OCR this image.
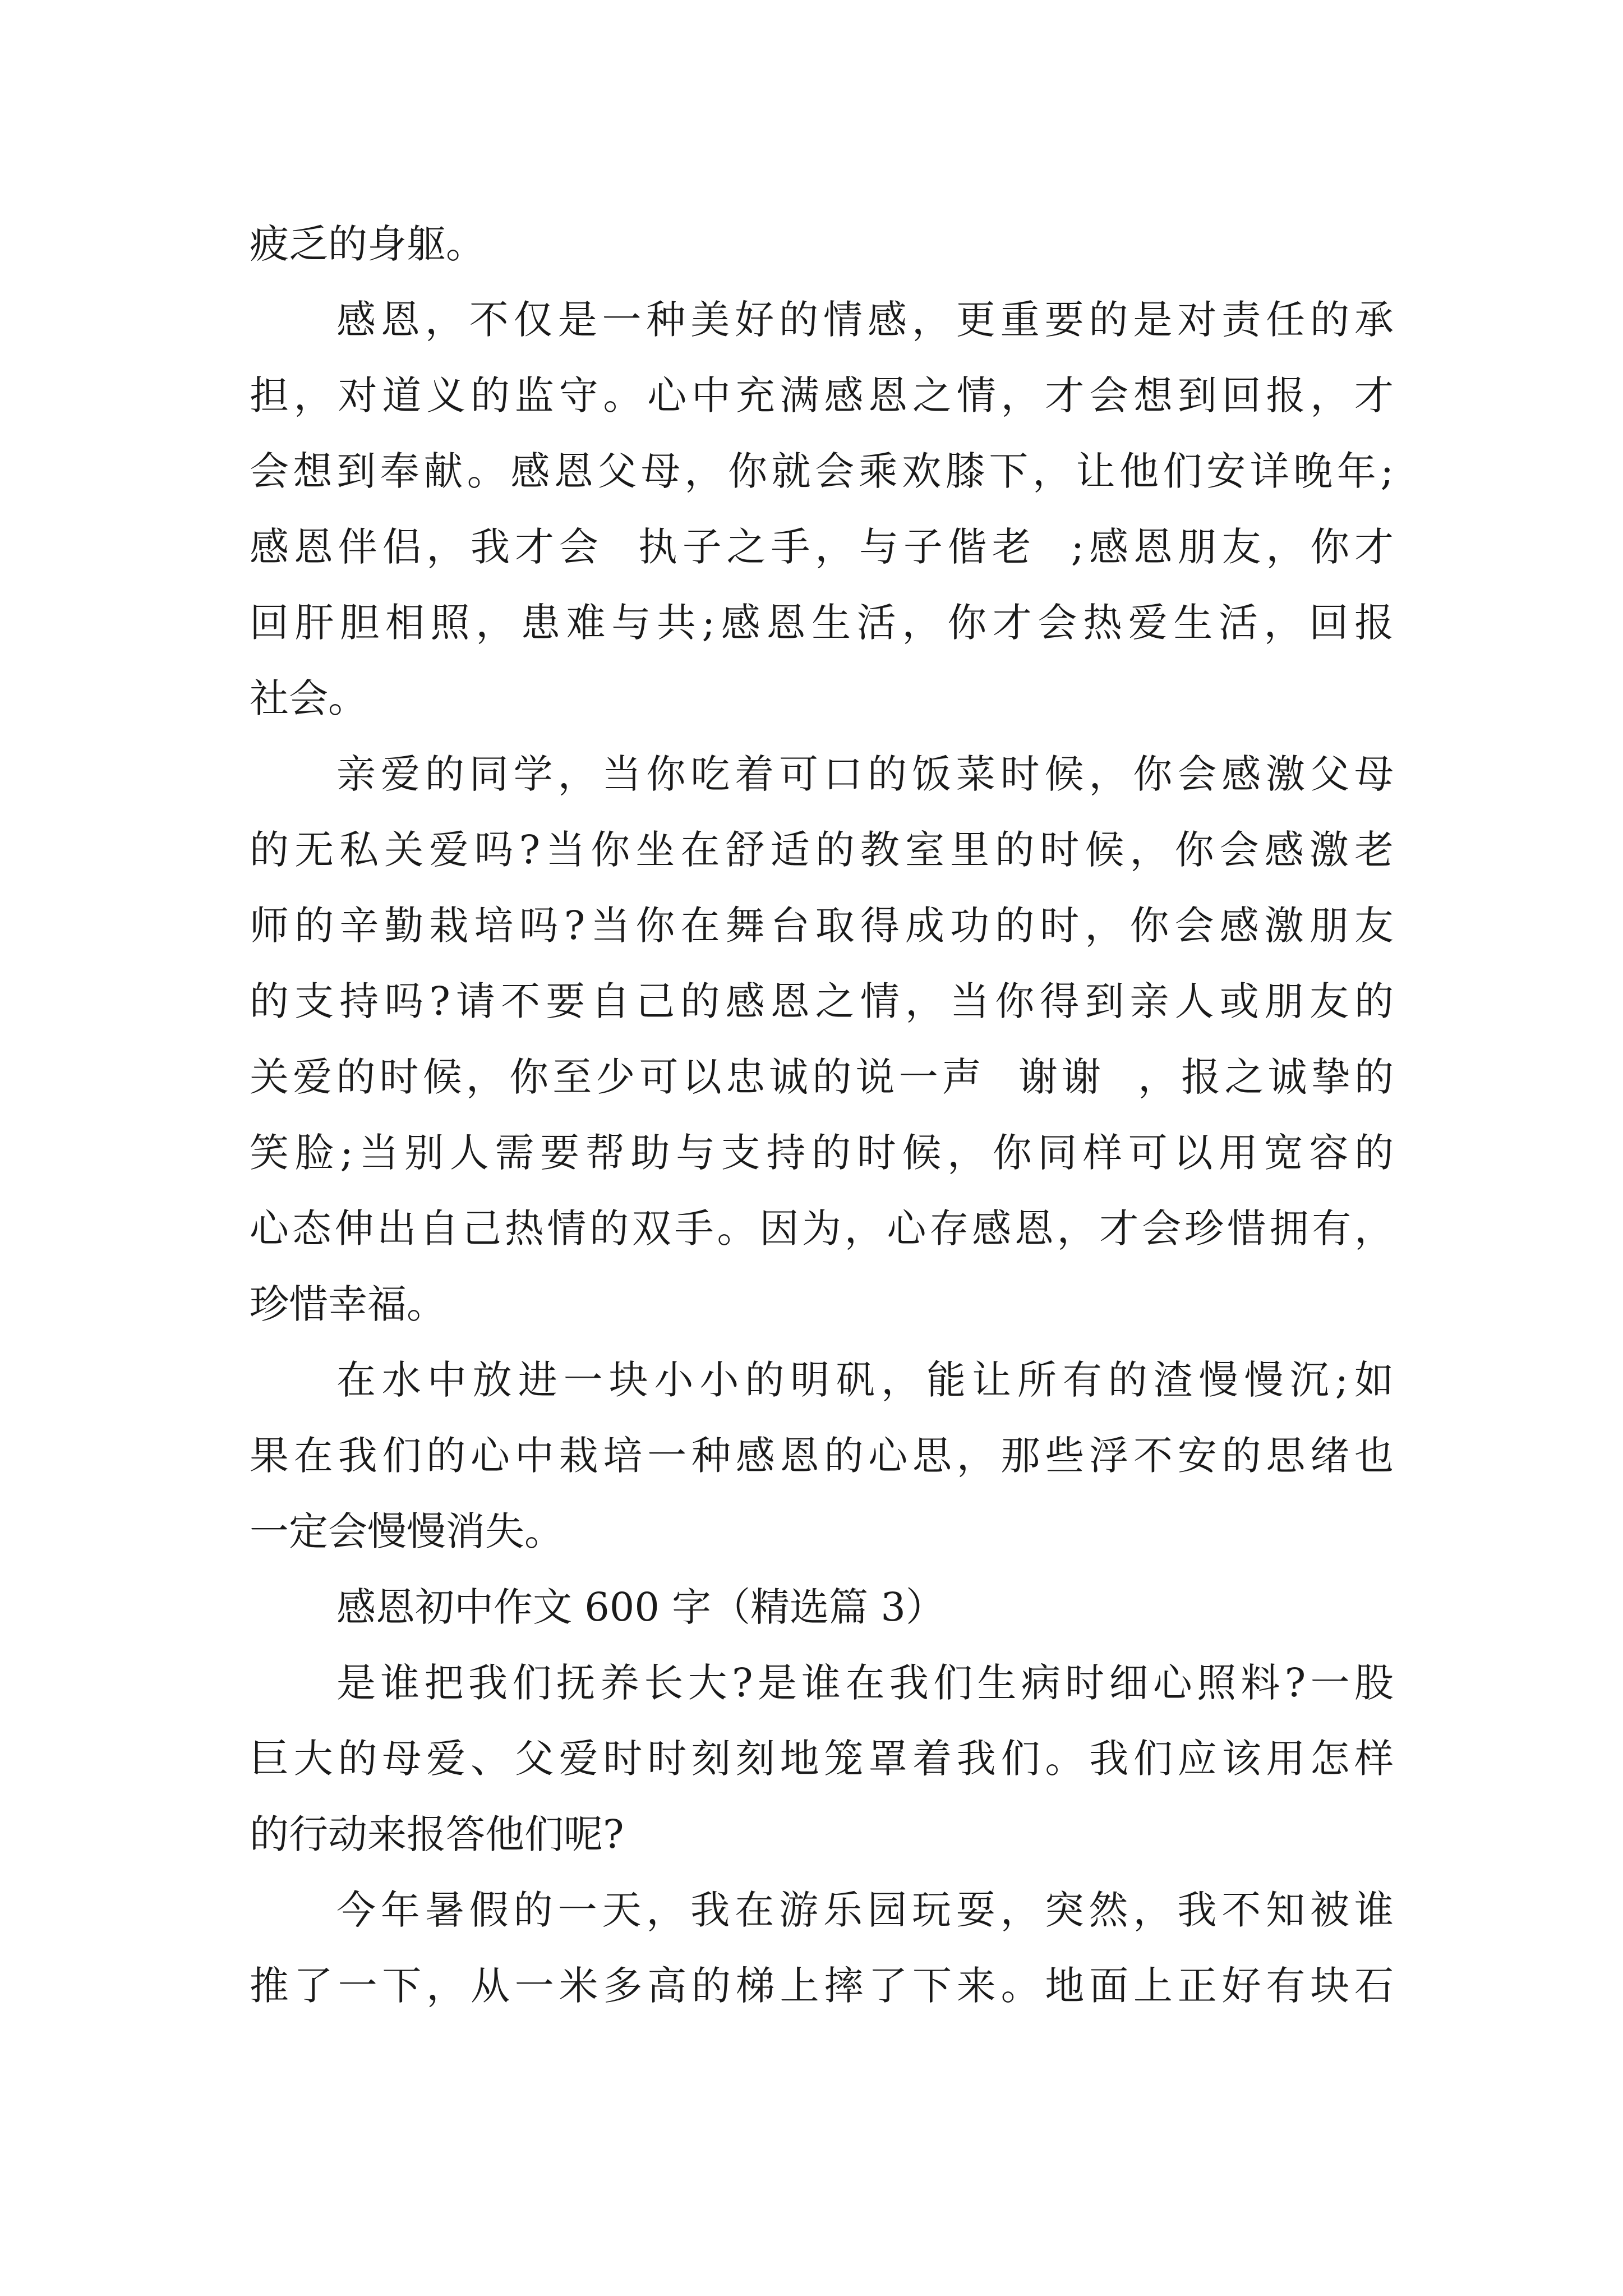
疲乏的身躯。
感恩，不仅是一种美好的情感，更重要的是对责任的承
担，对道义的监守。心中充满感恩之情，才会想到回报，才
会想到奉献。感恩父母，你就会乘欢膝下，让他们安详晚年;
感恩伴侣，我才会  执子之手，与子偕老  ;感恩朋友，你才
回肝胆相照，患难与共;感恩生活，你才会热爱生活，回报
社会。
亲爱的同学，当你吃着可口的饭菜时候，你会感激父母
的无私关爱吗?当你坐在舒适的教室里的时候，你会感激老
师的辛勤栽培吗?当你在舞台取得成功的时，你会感激朋友
的支持吗?请不要自己的感恩之情，当你得到亲人或朋友的
关爱的时候，你至少可以忠诚的说一声  谢谢  ，报之诚挚的
笑脸;当别人需要帮助与支持的时候，你同样可以用宽容的
心态伸出自己热情的双手。因为，心存感恩，才会珍惜拥有，
珍惜幸福。
在水中放进一块小小的明矾，能让所有的渣慢慢沉;如
果在我们的心中栽培一种感恩的心思，那些浮不安的思绪也
一定会慢慢消失。
感恩初中作文 600 字（精选篇 3）
是谁把我们抚养长大?是谁在我们生病时细心照料?一股
巨大的母爱、父爱时时刻刻地笼罩着我们。我们应该用怎样
的行动来报答他们呢?
今年暑假的一天，我在游乐园玩耍，突然，我不知被谁
推了一下，从一米多高的梯上摔了下来。地面上正好有块石
